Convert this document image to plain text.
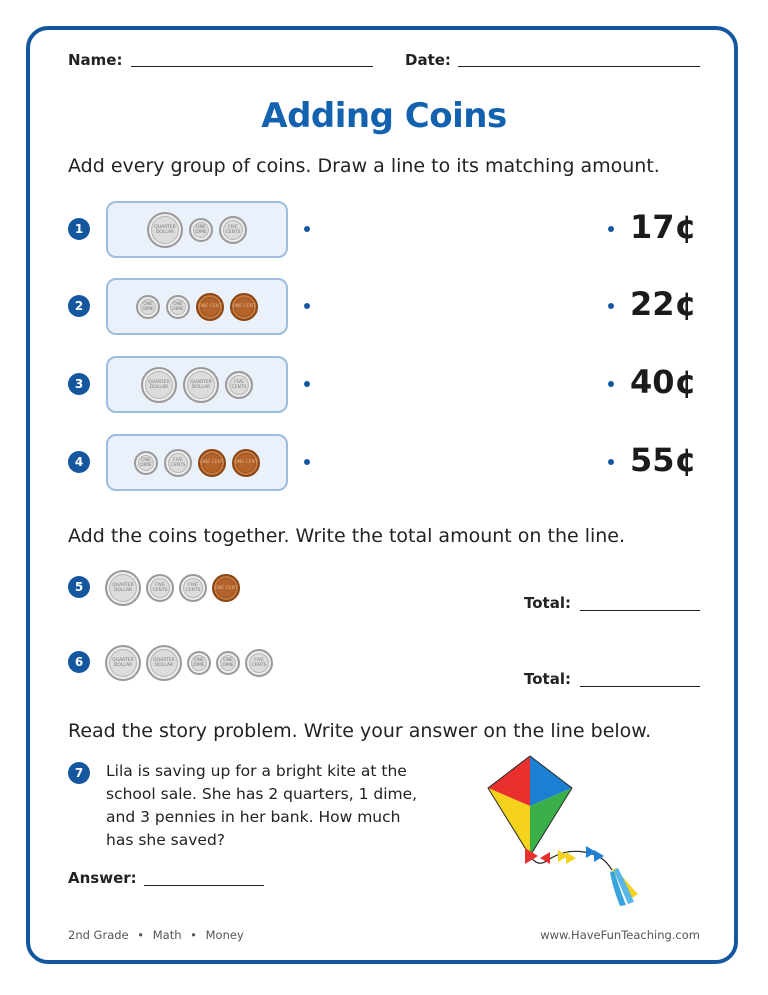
Name:	Date:
Adding Coins
Add every group of coins. Draw a line to its matching amount.
1	QUARTER DOLLAR
ONE DIME
FIVE CENTS	17¢
2	ONE DIME
ONE DIME	ONE CENT	ONE CENT	22¢
3	QUARTER DOLLAR
QUARTER DOLLAR
FIVE CENTS	40¢
4	ONE DIME
FIVE CENTS	ONE CENT	ONE CENT	55¢
Add the coins together. Write the total amount on the line.
5	QUARTER DOLLAR
FIVE CENTS
FIVE CENTS	ONE CENT
Total:
6	QUARTER DOLLAR
QUARTER DOLLAR
ONE DIME
ONE DIME
FIVE CENTS
Total:
Read the story problem. Write your answer on the line below.
7	Lila is saving up for a bright kite at the school sale. She has 2 quarters, 1 dime, and 3 pennies in her bank. How much has she saved?
Answer:
2nd Grade • Math • Money	www.HaveFunTeaching.com
